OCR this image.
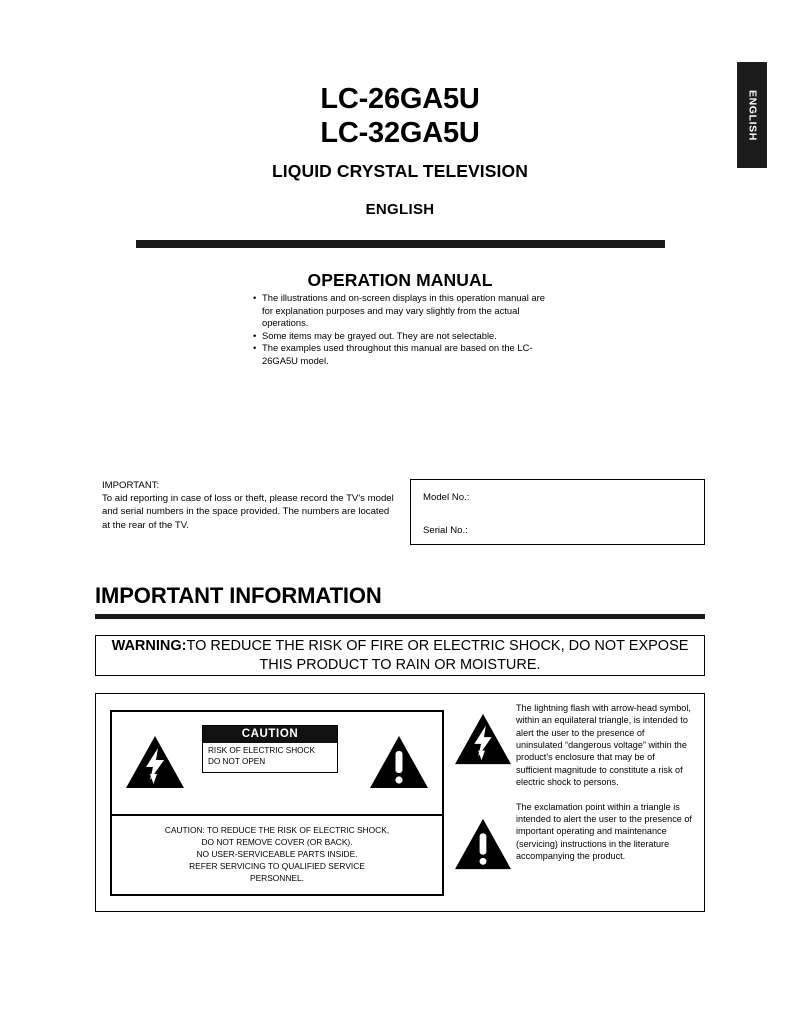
ENGLISH
LC-26GA5U
LC-32GA5U
LIQUID CRYSTAL TELEVISION
ENGLISH
OPERATION MANUAL
• The illustrations and on-screen displays in this operation manual are for explanation purposes and may vary slightly from the actual operations.
• Some items may be grayed out. They are not selectable.
• The examples used throughout this manual are based on the LC-26GA5U model.
IMPORTANT:
To aid reporting in case of loss or theft, please record the TV's model and serial numbers in the space provided. The numbers are located at the rear of the TV.
Model No.:
Serial No.:
IMPORTANT INFORMATION
WARNING:TO REDUCE THE RISK OF FIRE OR ELECTRIC SHOCK, DO NOT EXPOSE THIS PRODUCT TO RAIN OR MOISTURE.
CAUTION
RISK OF ELECTRIC SHOCK
DO NOT OPEN
CAUTION: TO REDUCE THE RISK OF ELECTRIC SHOCK,
DO NOT REMOVE COVER (OR BACK).
NO USER-SERVICEABLE PARTS INSIDE.
REFER SERVICING TO QUALIFIED SERVICE
PERSONNEL.
The lightning flash with arrow-head symbol, within an equilateral triangle, is intended to alert the user to the presence of uninsulated “dangerous voltage” within the product's enclosure that may be of sufficient magnitude to constitute a risk of electric shock to persons.
The exclamation point within a triangle is intended to alert the user to the presence of important operating and maintenance (servicing) instructions in the literature accompanying the product.
